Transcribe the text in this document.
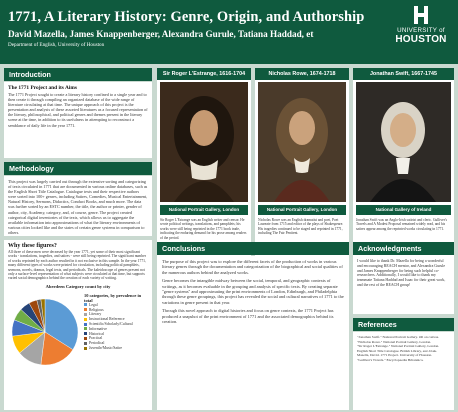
1771, A Literary History: Genre, Origin, and Authorship
David Mazella, James Knappenberger, Alexandra Gurule, Tatiana Haddad, et
Department of English, University of Houston
UNIVERSITY of
HOUSTON
Introduction
The 1771 Project and its Aims
The 1771 Project sought to create a literary history confined to a single year and to then create it through compiling an organized database of the wide range of literature circulating at that time. The unique approach of this project is the presentation and analysis of these assorted literatures as a focused representation of the literary, philosophical, and political genres and themes present in the literary scene at the time, in addition to its usefulness in attempting to reconstruct a semblance of daily life in the year 1771.
Methodology
This project was largely carried out through the extensive sorting and categorizing of texts circulated in 1771 that are documented in various online databases, such as the English Short Title Catalogue. Catalogue texts and their respective authors were sorted into 100+ genres, including Satires, Comedies, Musical Entertainment, Natural History, Sermons, Didactics, Conduct Books, and much more. The data was further sorted by an ESTC number, the title, the author or printer, gender of author, city, Academy, category, and, of course, genre. The project created categorical digital inventories of the texts, which allows us to aggregate the available information into approximations of what the literary environments of various cities looked like and the states of certain genre systems in comparison to others.
Sir Roger L'Estrange, 1616-1704
National Portrait Gallery, London
Sir Roger L'Estrange was an English writer and censor. He wrote political writings, translations, and pamphlets; his works were still being reprinted in the 1771 book trade, indicating the enduring demand for his prose among readers of the period.
Nicholas Rowe, 1674-1718
National Portrait Gallery, London
Nicholas Rowe was an English dramatist and poet, Poet Laureate from 1715 and editor of the plays of Shakespeare. His tragedies continued to be staged and reprinted in 1771, including The Fair Penitent.
Jonathan Swift, 1667-1745
National Gallery of Ireland
Jonathan Swift was an Anglo-Irish satirist and cleric. Gulliver's Travels and A Modest Proposal remained widely read, and his satires appear among the reprinted works circulating in 1771.
Why these figures?
All three of these men were deceased by the year 1771, yet some of their most significant works - translations, tragedies, and satires - were still being reprinted. The significant number of works reprinted by each author resulted in it not exclusive in this sample. In the year 1771, many different types of works were printed for circulation, including political pamphlets, sermons, novels, dramas, legal texts, and periodicals. The kaleidoscope of genres present not only a surface-level representation of what subjects were circulated at that time, but supports varied social demographics behind the creation of each variety of writing.
Aberdeen Category count by city
10 categories, by prevalence in total
Legal
Religious
Literary
Instructional Reference
Scientific/Scholarly/Cultural
Informative
Historical
Practical
Periodical
Juvenile/Music/Satire
Conclusions
The purpose of this project was to explore the different facets of the production of works in various literary genres through the documentation and categorization of the biographical and social qualities of the numerous authors behind the analyzed works.
Genre becomes the intangible midway between the social, temporal, and geographic contexts of writings, as it becomes evaluable in the grouping and analysis of specific texts. By creating separate "genre systems" and approximating the print environments of London, Edinburgh, and Philadelphia through these genre groupings, this project has revealed the social and cultural narratives of 1771 to the variations in genre present in that year.
Through this novel approach to digital histories and focus on genre contexts, the 1771 Project has produced a snapshot of the print environment of 1771 and the associated demographics behind its creation.
Acknowledgments
I would like to thank Dr. Mazella for being a wonderful and encouraging REACH mentor, and Alexandra Gurule and James Knappenberger for being such helpful co-researchers. Additionally, I would like to thank my teammate Tatiana Haddad and Isaac for their great work, and the rest of the REACH group!
References
"Jonathan Swift." National Portrait Gallery. Oil on canvas.
"Nicholas Rowe." National Portrait Gallery, London.
"Sir Roger L'Estrange." National Portrait Gallery, London.
English Short Title Catalogue. British Library, estc.bl.uk.
Mazella, David. 1771 Project. University of Houston.
"Gulliver's Travels." Encyclopaedia Britannica.
